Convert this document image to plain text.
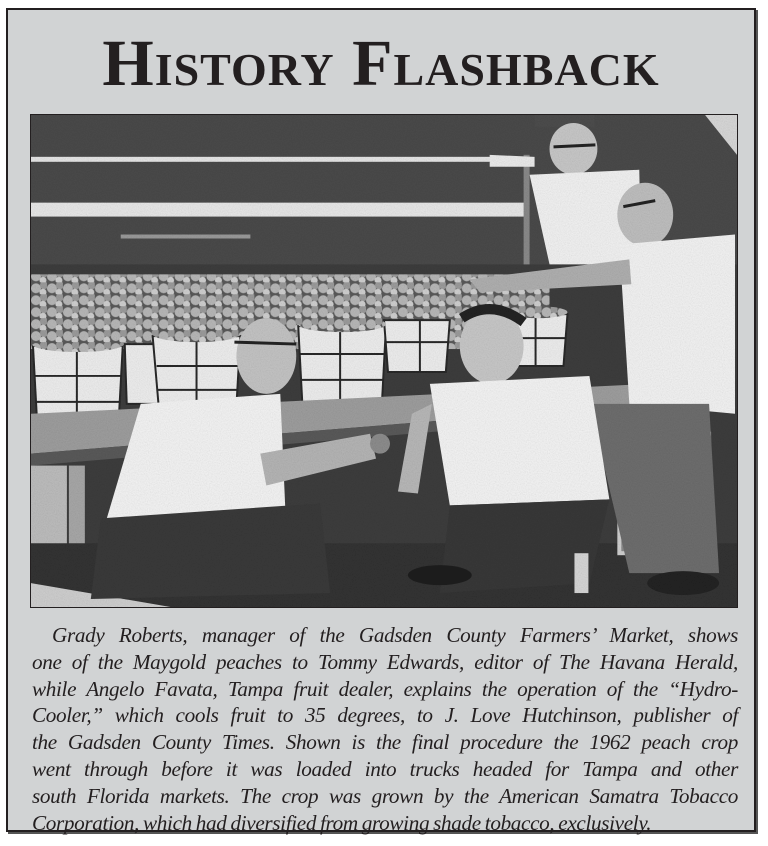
History Flashback
Grady Roberts, manager of the Gadsden County Farmers’ Market, shows
one of the Maygold peaches to Tommy Edwards, editor of The Havana Herald,
while Angelo Favata, Tampa fruit dealer, explains the operation of the “Hydro-
Cooler,” which cools fruit to 35 degrees, to J. Love Hutchinson, publisher of
the Gadsden County Times. Shown is the final procedure the 1962 peach crop
went through before it was loaded into trucks headed for Tampa and other
south Florida markets. The crop was grown by the American Samatra Tobacco
Corporation, which had diversified from growing shade tobacco, exclusively.
